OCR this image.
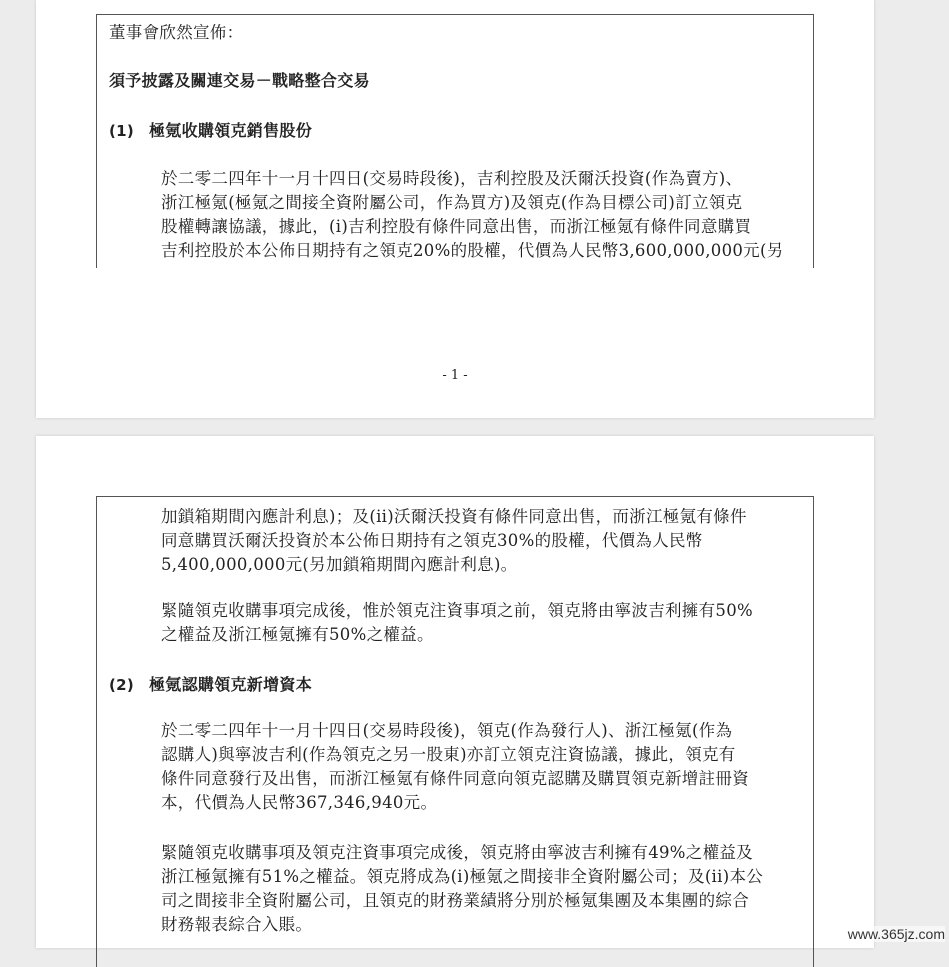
董事會欣然宣佈：
須予披露及關連交易－戰略整合交易
(1) 極氪收購領克銷售股份
於二零二四年十一月十四日(交易時段後)，吉利控股及沃爾沃投資(作為賣方)、
浙江極氪(極氪之間接全資附屬公司，作為買方)及領克(作為目標公司)訂立領克
股權轉讓協議，據此，(i)吉利控股有條件同意出售，而浙江極氪有條件同意購買
吉利控股於本公佈日期持有之領克20%的股權，代價為人民幣3,600,000,000元(另
- 1 -
加鎖箱期間內應計利息)；及(ii)沃爾沃投資有條件同意出售，而浙江極氪有條件
同意購買沃爾沃投資於本公佈日期持有之領克30%的股權，代價為人民幣
5,400,000,000元(另加鎖箱期間內應計利息)。
緊隨領克收購事項完成後，惟於領克注資事項之前，領克將由寧波吉利擁有50%
之權益及浙江極氪擁有50%之權益。
(2) 極氪認購領克新增資本
於二零二四年十一月十四日(交易時段後)，領克(作為發行人)、浙江極氪(作為
認購人)與寧波吉利(作為領克之另一股東)亦訂立領克注資協議，據此，領克有
條件同意發行及出售，而浙江極氪有條件同意向領克認購及購買領克新增註冊資
本，代價為人民幣367,346,940元。
緊隨領克收購事項及領克注資事項完成後，領克將由寧波吉利擁有49%之權益及
浙江極氪擁有51%之權益。領克將成為(i)極氪之間接非全資附屬公司；及(ii)本公
司之間接非全資附屬公司，且領克的財務業績將分別於極氪集團及本集團的綜合
財務報表綜合入賬。	www.365jz.com
